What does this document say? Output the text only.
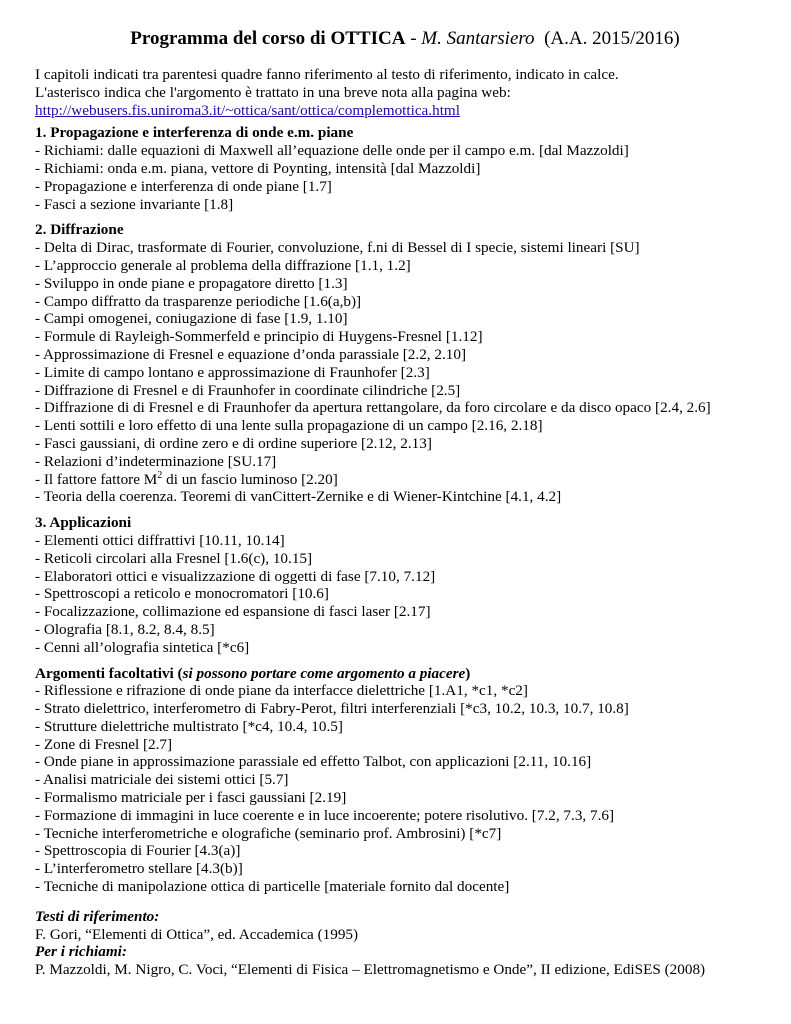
Programma del corso di OTTICA - M. Santarsiero (A.A. 2015/2016)

I capitoli indicati tra parentesi quadre fanno riferimento al testo di riferimento, indicato in calce.

L'asterisco indica che l'argomento è trattato in una breve nota alla pagina web:

http://webusers.fis.uniroma3.it/~ottica/sant/ottica/complemottica.html

1. Propagazione e interferenza di onde e.m. piane
- Richiami: dalle equazioni di Maxwell all’equazione delle onde per il campo e.m. [dal Mazzoldi]
- Richiami: onda e.m. piana, vettore di Poynting, intensità [dal Mazzoldi]
- Propagazione e interferenza di onde piane [1.7]
- Fasci a sezione invariante [1.8]
2. Diffrazione
- Delta di Dirac, trasformate di Fourier, convoluzione, f.ni di Bessel di I specie, sistemi lineari [SU]
- L’approccio generale al problema della diffrazione [1.1, 1.2]
- Sviluppo in onde piane e propagatore diretto [1.3]
- Campo diffratto da trasparenze periodiche [1.6(a,b)]
- Campi omogenei, coniugazione di fase [1.9, 1.10]
- Formule di Rayleigh-Sommerfeld e principio di Huygens-Fresnel [1.12]
- Approssimazione di Fresnel e equazione d’onda parassiale [2.2, 2.10]
- Limite di campo lontano e approssimazione di Fraunhofer [2.3]
- Diffrazione di Fresnel e di Fraunhofer in coordinate cilindriche [2.5]
- Diffrazione di di Fresnel e di Fraunhofer da apertura rettangolare, da foro circolare e da disco opaco [2.4, 2.6]
- Lenti sottili e loro effetto di una lente sulla propagazione di un campo [2.16, 2.18]
- Fasci gaussiani, di ordine zero e di ordine superiore [2.12, 2.13]
- Relazioni d’indeterminazione [SU.17]
- Il fattore fattore $M^2$ di un fascio luminoso [2.20]
- Teoria della coerenza. Teoremi di vanCittert-Zernike e di Wiener-Kintchine [4.1, 4.2]
3. Applicazioni
- Elementi ottici diffrattivi [10.11, 10.14]
- Reticoli circolari alla Fresnel [1.6(c), 10.15]
- Elaboratori ottici e visualizzazione di oggetti di fase [7.10, 7.12]
- Spettroscopi a reticolo e monocromatori [10.6]
- Focalizzazione, collimazione ed espansione di fasci laser [2.17]
- Olografia [8.1, 8.2, 8.4, 8.5]
- Cenni all’olografia sintetica [*c6]
Argomenti facoltativi (si possono portare come argomento a piacere)
- Riflessione e rifrazione di onde piane da interfacce dielettriche [1.A1, *c1, *c2]
- Strato dielettrico, interferometro di Fabry-Perot, filtri interferenziali [*c3, 10.2, 10.3, 10.7, 10.8]
- Strutture dielettriche multistrato [*c4, 10.4, 10.5]
- Zone di Fresnel [2.7]
- Onde piane in approssimazione parassiale ed effetto Talbot, con applicazioni [2.11, 10.16]
- Analisi matriciale dei sistemi ottici [5.7]
- Formalismo matriciale per i fasci gaussiani [2.19]
- Formazione di immagini in luce coerente e in luce incoerente; potere risolutivo. [7.2, 7.3, 7.6]
- Tecniche interferometriche e olografiche (seminario prof. Ambrosini) [*c7]
- Spettroscopia di Fourier [4.3(a)]
- L’interferometro stellare [4.3(b)]
- Tecniche di manipolazione ottica di particelle [materiale fornito dal docente]

Testi di riferimento:

F. Gori, “Elementi di Ottica”, ed. Accademica (1995)

Per i richiami:

P. Mazzoldi, M. Nigro, C. Voci, “Elementi di Fisica – Elettromagnetismo e Onde”, II edizione, EdiSES (2008)
